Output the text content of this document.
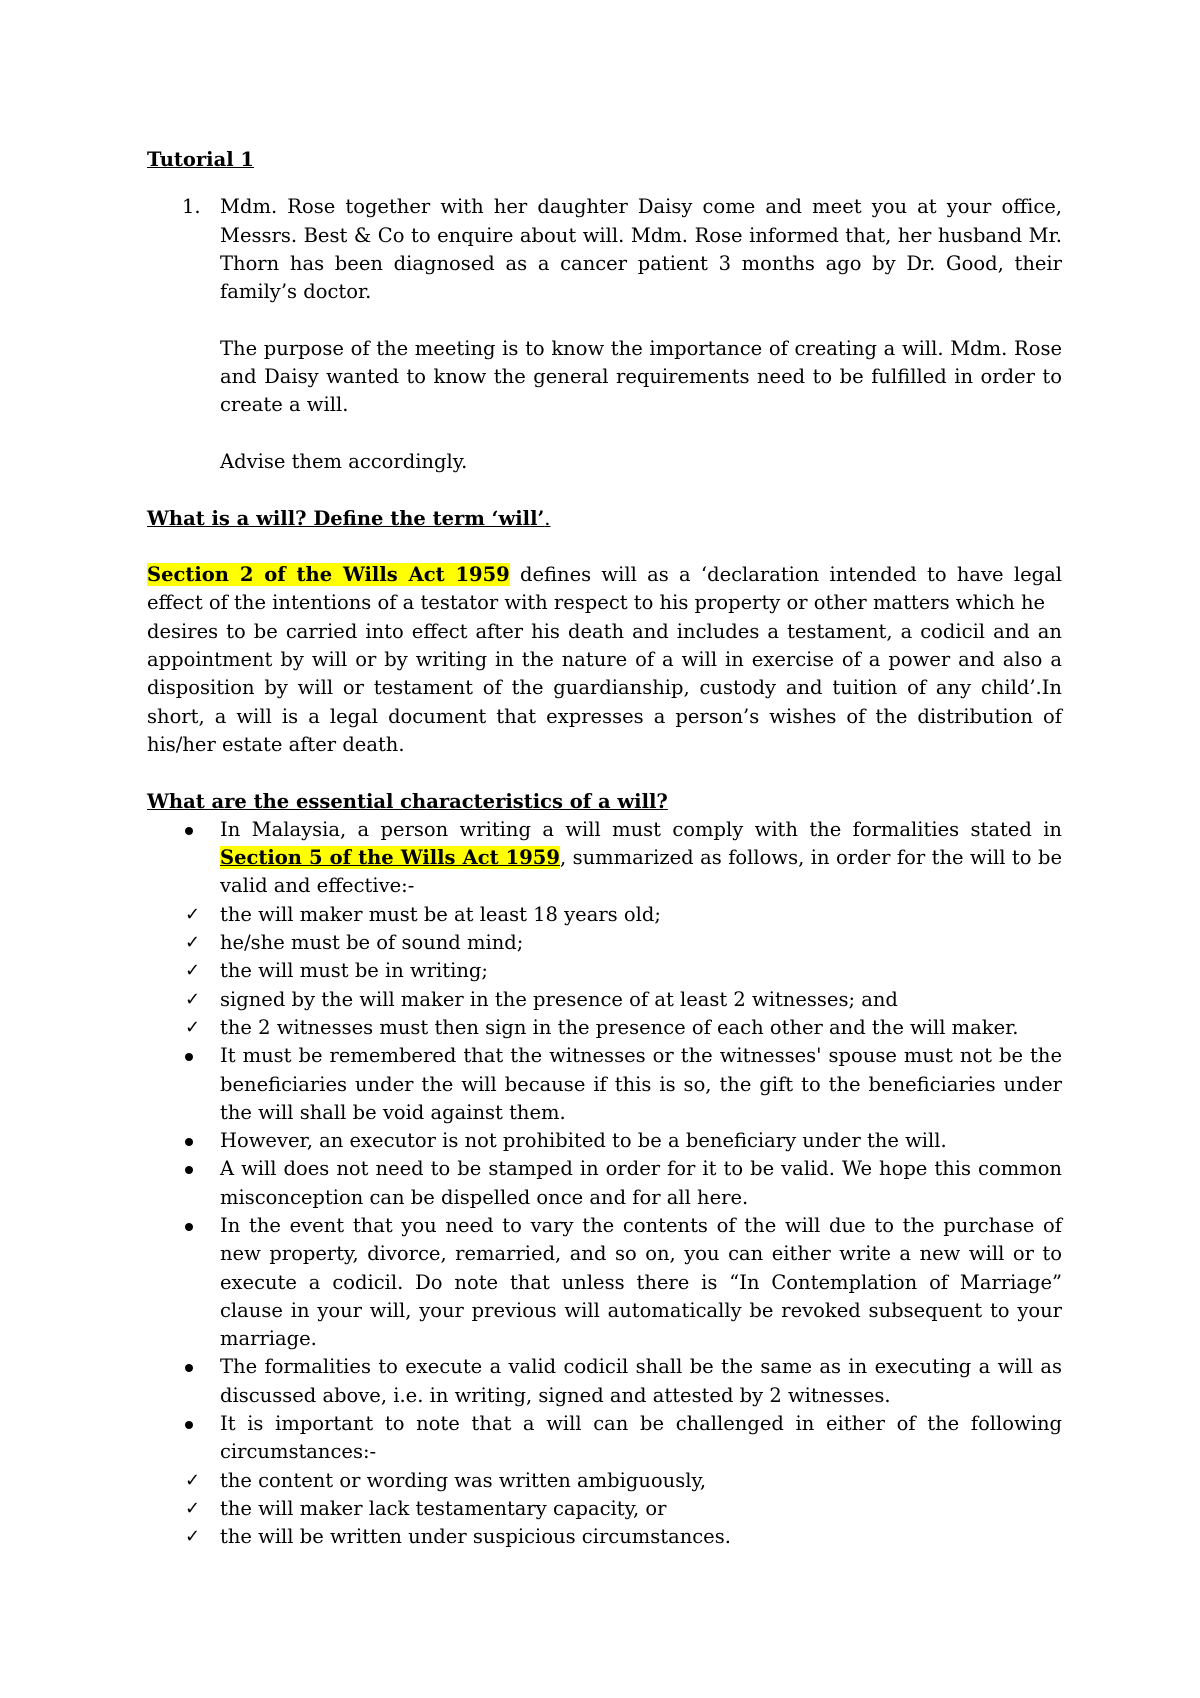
Tutorial 1
1. Mdm. Rose together with her daughter Daisy come and meet you at your office, Messrs. Best & Co to enquire about will. Mdm. Rose informed that, her husband Mr. Thorn has been diagnosed as a cancer patient 3 months ago by Dr. Good, their family’s doctor.

The purpose of the meeting is to know the importance of creating a will. Mdm. Rose and Daisy wanted to know the general requirements need to be fulfilled in order to create a will.

Advise them accordingly.

What is a will? Define the term ‘will’.
Section 2 of the Wills Act 1959 defines will as a ‘declaration intended to have legal effect of the intentions of a testator with respect to his property or other matters which he
desires to be carried into effect after his death and includes a testament, a codicil and an appointment by will or by writing in the nature of a will in exercise of a power and also a disposition by will or testament of the guardianship, custody and tuition of any child’.In short, a will is a legal document that expresses a person’s wishes of the distribution of his/her estate after death.
What are the essential characteristics of a will?
In Malaysia, a person writing a will must comply with the formalities stated in Section 5 of the Wills Act 1959, summarized as follows, in order for the will to be valid and effective:-
✓	the will maker must be at least 18 years old;
✓	he/she must be of sound mind;
✓	the will must be in writing;
✓	signed by the will maker in the presence of at least 2 witnesses; and
✓	the 2 witnesses must then sign in the presence of each other and the will maker.
It must be remembered that the witnesses or the witnesses' spouse must not be the beneficiaries under the will because if this is so, the gift to the beneficiaries under the will shall be void against them.
However, an executor is not prohibited to be a beneficiary under the will.
A will does not need to be stamped in order for it to be valid. We hope this common misconception can be dispelled once and for all here.
In the event that you need to vary the contents of the will due to the purchase of new property, divorce, remarried, and so on, you can either write a new will or to execute a codicil. Do note that unless there is “In Contemplation of Marriage” clause in your will, your previous will automatically be revoked subsequent to your marriage.
The formalities to execute a valid codicil shall be the same as in executing a will as discussed above, i.e. in writing, signed and attested by 2 witnesses.
It is important to note that a will can be challenged in either of the following circumstances:-
✓	the content or wording was written ambiguously,
✓	the will maker lack testamentary capacity, or
✓	the will be written under suspicious circumstances.
